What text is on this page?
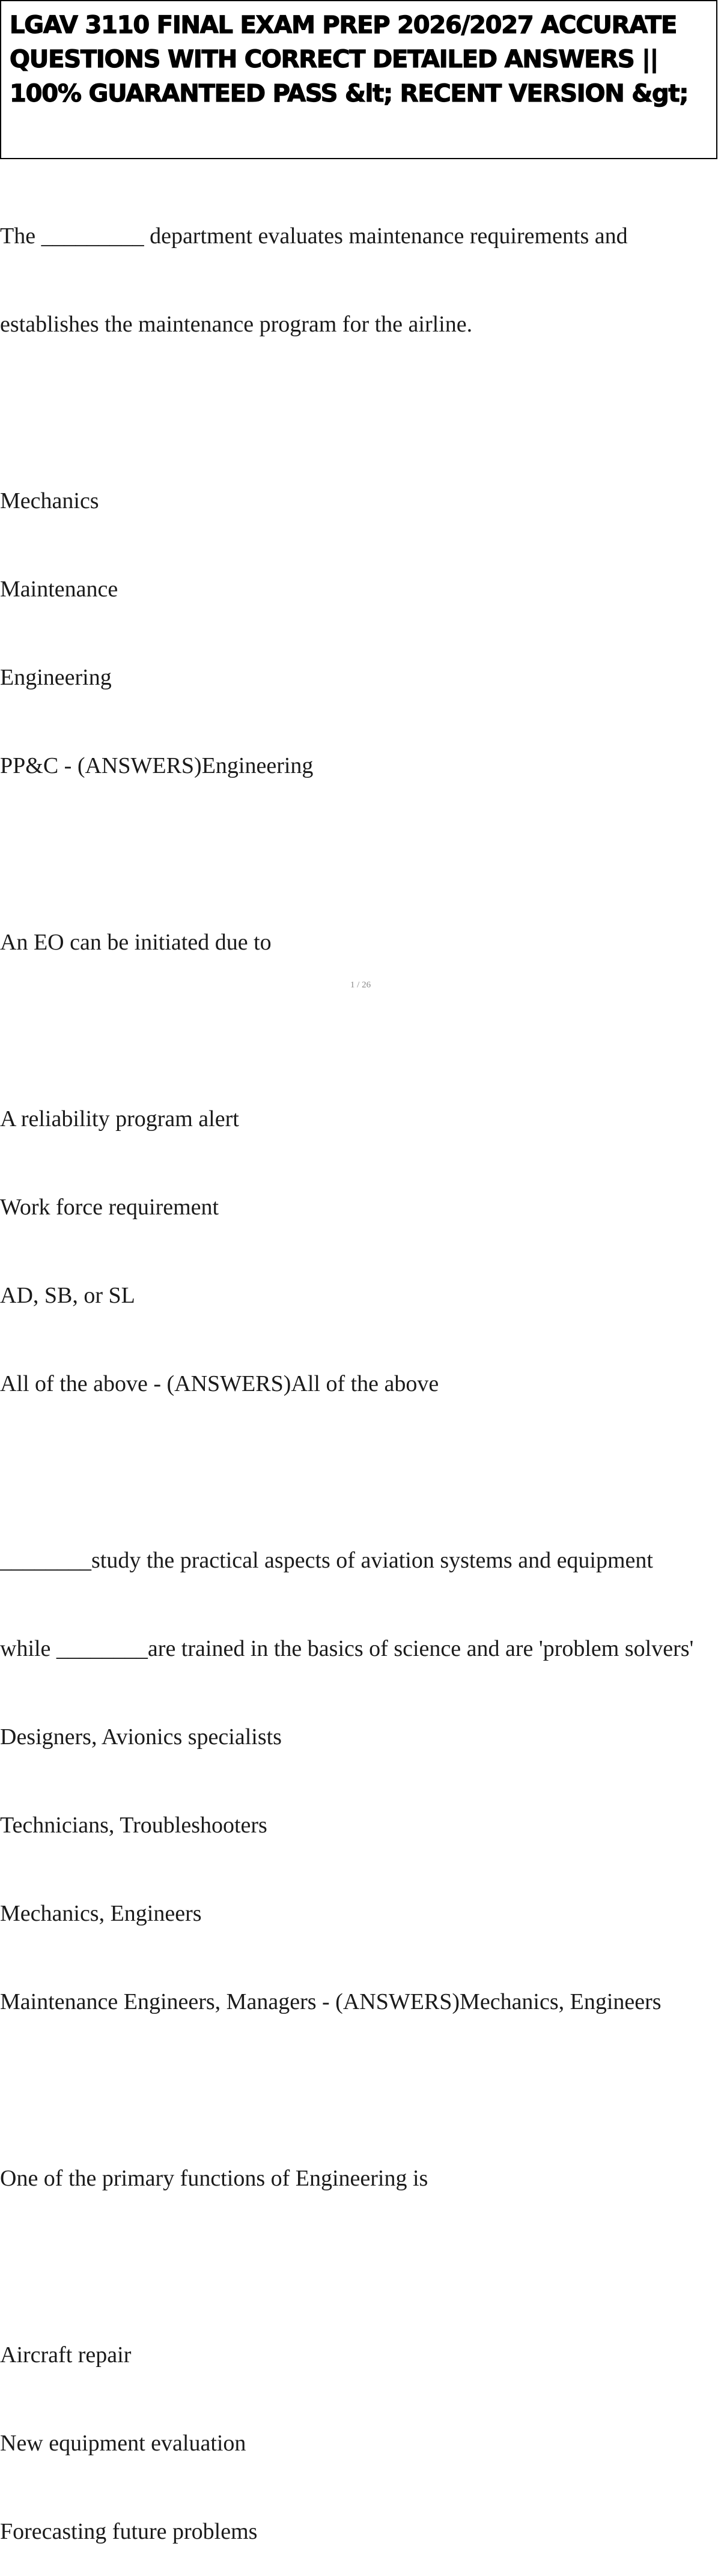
LGAV 3110 FINAL EXAM PREP 2026/2027 ACCURATE QUESTIONS WITH CORRECT DETAILED ANSWERS || 100% GUARANTEED PASS &lt; RECENT VERSION &gt;

The _________ department evaluates maintenance requirements and

establishes the maintenance program for the airline.

Mechanics

Maintenance

Engineering

PP&C - (ANSWERS)Engineering

An EO can be initiated due to

A reliability program alert

Work force requirement

AD, SB, or SL

All of the above - (ANSWERS)All of the above

________study the practical aspects of aviation systems and equipment

while ________are trained in the basics of science and are 'problem solvers'

Designers, Avionics specialists

Technicians, Troubleshooters

Mechanics, Engineers

Maintenance Engineers, Managers - (ANSWERS)Mechanics, Engineers

One of the primary functions of Engineering is

Aircraft repair

New equipment evaluation

Forecasting future problems

1 / 26
